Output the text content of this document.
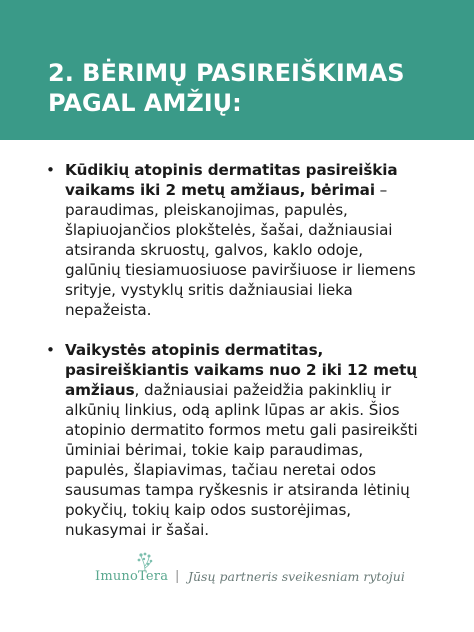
2. BĖRIMŲ PASIREIŠKIMAS PAGAL AMŽIŲ:
• Kūdikių atopinis dermatitas pasireiškia vaikams iki 2 metų amžiaus, bėrimai – paraudimas, pleiskanojimas, papulės, šlapiuojančios plokštelės, šašai, dažniausiai atsiranda skruostų, galvos, kaklo odoje, galūnių tiesiamuosiuose paviršiuose ir liemens srityje, vystyklų sritis dažniausiai lieka nepažeista.
• Vaikystės atopinis dermatitas, pasireiškiantis vaikams nuo 2 iki 12 metų amžiaus, dažniausiai pažeidžia pakinklių ir alkūnių linkius, odą aplink lūpas ar akis. Šios atopinio dermatito formos metu gali pasireikšti ūminiai bėrimai, tokie kaip paraudimas, papulės, šlapiavimas, tačiau neretai odos sausumas tampa ryškesnis ir atsiranda lėtinių pokyčių, tokių kaip odos sustorėjimas, nukasymai ir šašai.
ImunoTera | Jūsų partneris sveikesniam rytojui
